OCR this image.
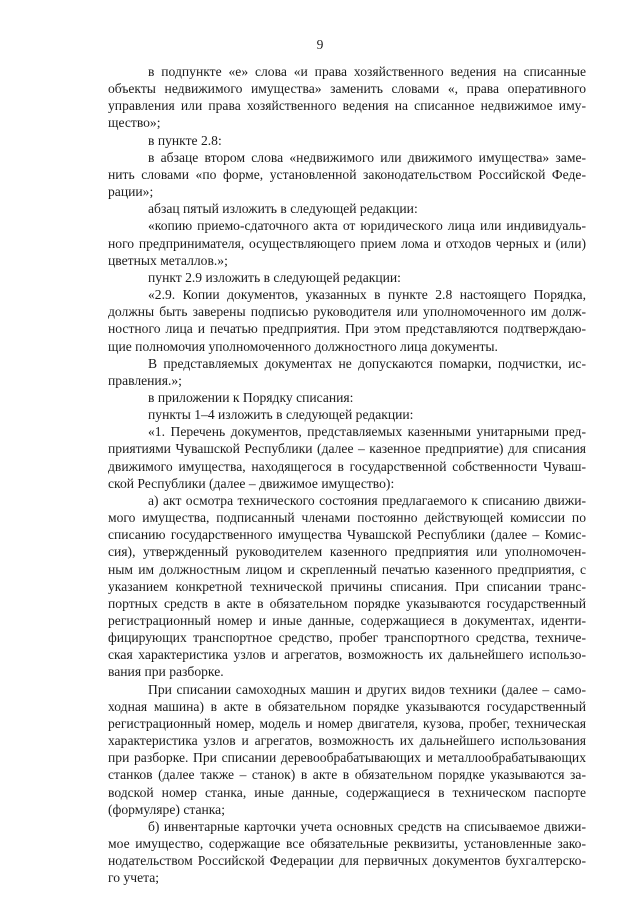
9

в подпункте «е» слова «и права хозяйственного ведения на списанные

объекты недвижимого имущества» заменить словами «, права оперативного

управления или права хозяйственного ведения на списанное недвижимое иму-

щество»;

в пункте 2.8:

в абзаце втором слова «недвижимого или движимого имущества» заме-

нить словами «по форме, установленной законодательством Российской Феде-

рации»;

абзац пятый изложить в следующей редакции:

«копию приемо-сдаточного акта от юридического лица или индивидуаль-

ного предпринимателя, осуществляющего прием лома и отходов черных и (или)

цветных металлов.»;

пункт 2.9 изложить в следующей редакции:

«2.9. Копии документов, указанных в пункте 2.8 настоящего Порядка,

должны быть заверены подписью руководителя или уполномоченного им долж-

ностного лица и печатью предприятия. При этом представляются подтверждаю-

щие полномочия уполномоченного должностного лица документы.

В представляемых документах не допускаются помарки, подчистки, ис-

правления.»;

в приложении к Порядку списания:

пункты 1–4 изложить в следующей редакции:

«1. Перечень документов, представляемых казенными унитарными пред-

приятиями Чувашской Республики (далее – казенное предприятие) для списания

движимого имущества, находящегося в государственной собственности Чуваш-

ской Республики (далее – движимое имущество):

а) акт осмотра технического состояния предлагаемого к списанию движи-

мого имущества, подписанный членами постоянно действующей комиссии по

списанию государственного имущества Чувашской Республики (далее – Комис-

сия), утвержденный руководителем казенного предприятия или уполномочен-

ным им должностным лицом и скрепленный печатью казенного предприятия, с

указанием конкретной технической причины списания. При списании транс-

портных средств в акте в обязательном порядке указываются государственный

регистрационный номер и иные данные, содержащиеся в документах, иденти-

фицирующих транспортное средство, пробег транспортного средства, техниче-

ская характеристика узлов и агрегатов, возможность их дальнейшего использо-

вания при разборке.

При списании самоходных машин и других видов техники (далее – само-

ходная машина) в акте в обязательном порядке указываются государственный

регистрационный номер, модель и номер двигателя, кузова, пробег, техническая

характеристика узлов и агрегатов, возможность их дальнейшего использования

при разборке. При списании деревообрабатывающих и металлообрабатывающих

станков (далее также – станок) в акте в обязательном порядке указываются за-

водской номер станка, иные данные, содержащиеся в техническом паспорте

(формуляре) станка;

б) инвентарные карточки учета основных средств на списываемое движи-

мое имущество, содержащие все обязательные реквизиты, установленные зако-

нодательством Российской Федерации для первичных документов бухгалтерско-

го учета;
